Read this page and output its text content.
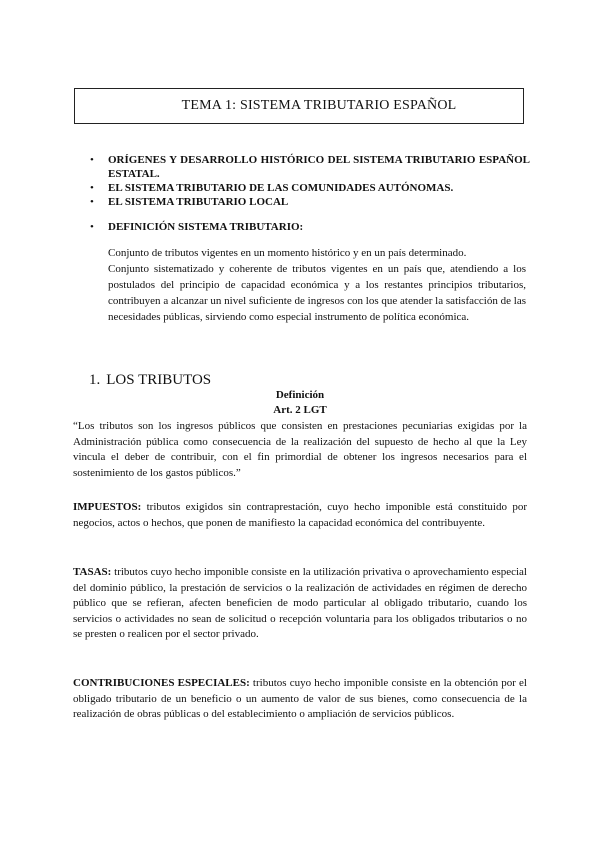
TEMA 1: SISTEMA TRIBUTARIO ESPAÑOL
• ORÍGENES Y DESARROLLO HISTÓRICO DEL SISTEMA TRIBUTARIO ESPAÑOL ESTATAL.
• EL SISTEMA TRIBUTARIO DE LAS COMUNIDADES AUTÓNOMAS.
• EL SISTEMA TRIBUTARIO LOCAL
• DEFINICIÓN SISTEMA TRIBUTARIO:

Conjunto de tributos vigentes en un momento histórico y en un país determinado.

Conjunto sistematizado y coherente de tributos vigentes en un país que, atendiendo a los postulados del principio de capacidad económica y a los restantes principios tributarios, contribuyen a alcanzar un nivel suficiente de ingresos con los que atender la satisfacción de las necesidades públicas, sirviendo como especial instrumento de política económica.

1. LOS TRIBUTOS
Definición
Art. 2 LGT

“Los tributos son los ingresos públicos que consisten en prestaciones pecuniarias exigidas por la Administración pública como consecuencia de la realización del supuesto de hecho al que la Ley vincula el deber de contribuir, con el fin primordial de obtener los ingresos necesarios para el sostenimiento de los gastos públicos.”

IMPUESTOS: tributos exigidos sin contraprestación, cuyo hecho imponible está constituido por negocios, actos o hechos, que ponen de manifiesto la capacidad económica del contribuyente.

TASAS: tributos cuyo hecho imponible consiste en la utilización privativa o aprovechamiento especial del dominio público, la prestación de servicios o la realización de actividades en régimen de derecho público que se refieran, afecten beneficien de modo particular al obligado tributario, cuando los servicios o actividades no sean de solicitud o recepción voluntaria para los obligados tributarios o no se presten o realicen por el sector privado.

CONTRIBUCIONES ESPECIALES: tributos cuyo hecho imponible consiste en la obtención por el obligado tributario de un beneficio o un aumento de valor de sus bienes, como consecuencia de la realización de obras públicas o del establecimiento o ampliación de servicios públicos.
